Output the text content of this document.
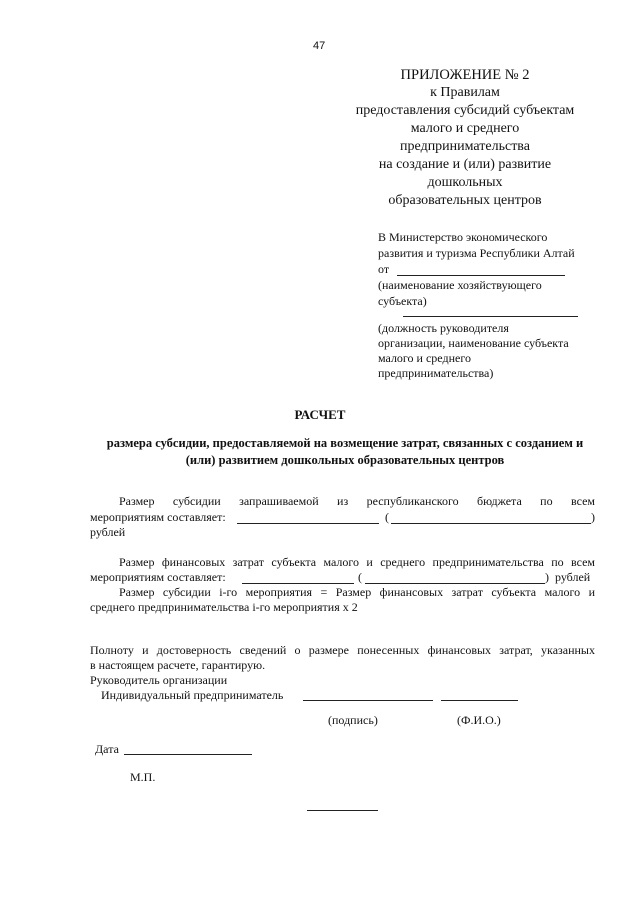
47
ПРИЛОЖЕНИЕ № 2
к Правилам
предоставления субсидий субъектам
малого и среднего
предпринимательства
на создание и (или) развитие
дошкольных
образовательных центров
В Министерство экономического
развития и туризма Республики Алтай
от
(наименование хозяйствующего
субъекта)
(должность руководителя
организации, наименование субъекта
малого и среднего
предпринимательства)
РАСЧЕТ
размера субсидии, предоставляемой на возмещение затрат, связанных с созданием и
(или) развитием дошкольных образовательных центров
Размер субсидии запрашиваемой из республиканского бюджета по всем
мероприятиям составляет:	(	)
рублей
Размер финансовых затрат субъекта малого и среднего предпринимательства по всем
мероприятиям составляет:	(	) рублей
Размер субсидии i-го мероприятия = Размер финансовых затрат субъекта малого и
среднего предпринимательства i-го мероприятия х 2
Полноту и достоверность сведений о размере понесенных финансовых затрат, указанных
в настоящем расчете, гарантирую.
Руководитель организации
Индивидуальный предприниматель
(подпись)	(Ф.И.О.)
Дата
М.П.
